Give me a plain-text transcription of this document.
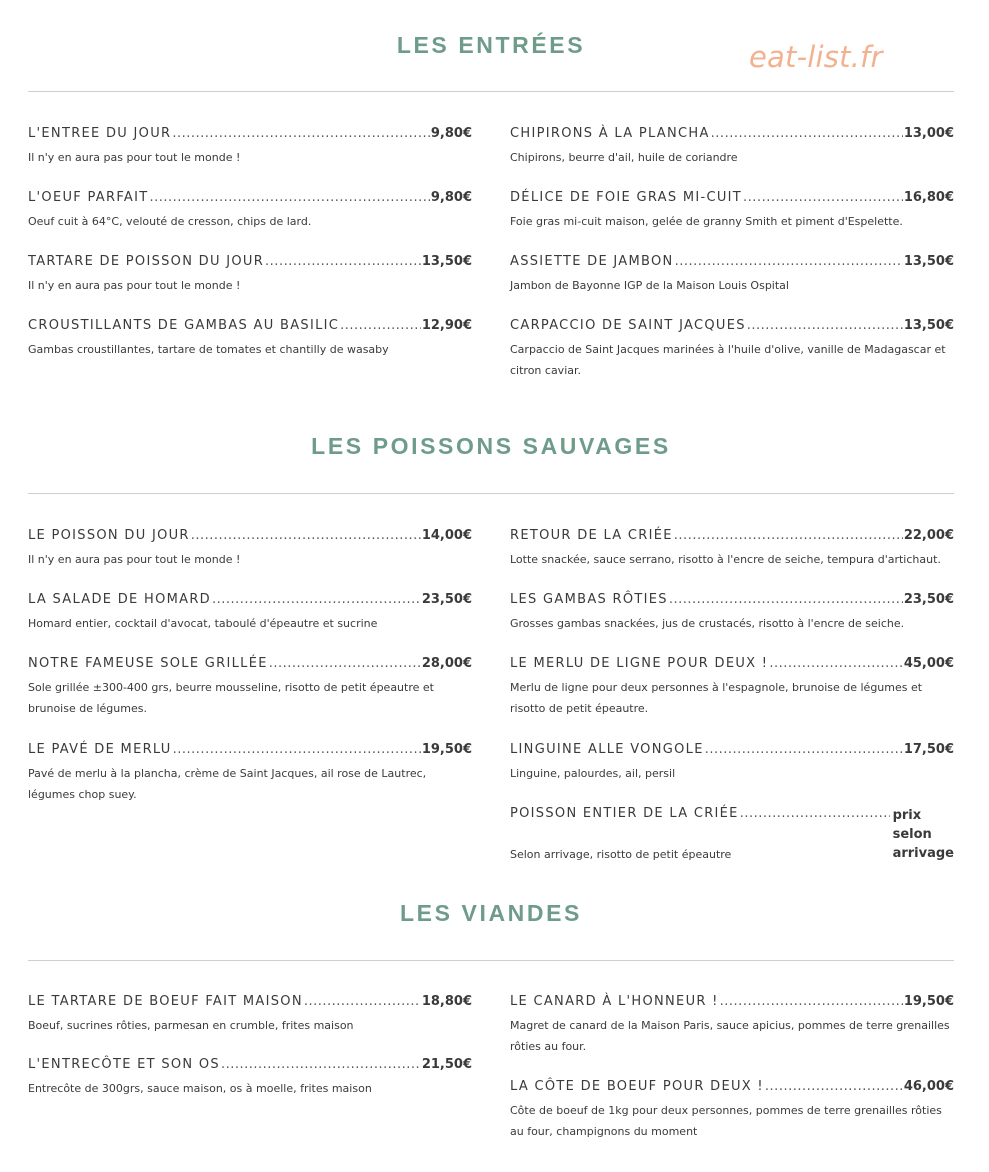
eat-list.fr
LES ENTRÉES
L'ENTREE DU JOUR .....	9,80€
Il n'y en aura pas pour tout le monde !
L'OEUF PARFAIT .....	9,80€
Oeuf cuit à 64°C, velouté de cresson, chips de lard.
TARTARE DE POISSON DU JOUR .....	13,50€
Il n'y en aura pas pour tout le monde !
CROUSTILLANTS DE GAMBAS AU BASILIC .....	12,90€
Gambas croustillantes, tartare de tomates et chantilly de wasaby
CHIPIRONS À LA PLANCHA .....	13,00€
Chipirons, beurre d'ail, huile de coriandre
DÉLICE DE FOIE GRAS MI-CUIT .....	16,80€
Foie gras mi-cuit maison, gelée de granny Smith et piment d'Espelette.
ASSIETTE DE JAMBON .....	13,50€
Jambon de Bayonne IGP de la Maison Louis Ospital
CARPACCIO DE SAINT JACQUES .....	13,50€
Carpaccio de Saint Jacques marinées à l'huile d'olive, vanille de Madagascar et citron caviar.
LES POISSONS SAUVAGES
LE POISSON DU JOUR .....	14,00€
Il n'y en aura pas pour tout le monde !
LA SALADE DE HOMARD .....	23,50€
Homard entier, cocktail d'avocat, taboulé d'épeautre et sucrine
NOTRE FAMEUSE SOLE GRILLÉE .....	28,00€
Sole grillée ±300-400 grs, beurre mousseline, risotto de petit épeautre et brunoise de légumes.
LE PAVÉ DE MERLU .....	19,50€
Pavé de merlu à la plancha, crème de Saint Jacques, ail rose de Lautrec, légumes chop suey.
RETOUR DE LA CRIÉE .....	22,00€
Lotte snackée, sauce serrano, risotto à l'encre de seiche, tempura d'artichaut.
LES GAMBAS RÔTIES .....	23,50€
Grosses gambas snackées, jus de crustacés, risotto à l'encre de seiche.
LE MERLU DE LIGNE POUR DEUX ! .....	45,00€
Merlu de ligne pour deux personnes à l'espagnole, brunoise de légumes et risotto de petit épeautre.
LINGUINE ALLE VONGOLE .....	17,50€
Linguine, palourdes, ail, persil
POISSON ENTIER DE LA CRIÉE .....	prix selon arrivage
Selon arrivage, risotto de petit épeautre
LES VIANDES
LE TARTARE DE BOEUF FAIT MAISON .....	18,80€
Boeuf, sucrines rôties, parmesan en crumble, frites maison
L'ENTRECÔTE ET SON OS .....	21,50€
Entrecôte de 300grs, sauce maison, os à moelle, frites maison
LE CANARD À L'HONNEUR ! .....	19,50€
Magret de canard de la Maison Paris, sauce apicius, pommes de terre grenailles rôties au four.
LA CÔTE DE BOEUF POUR DEUX ! .....	46,00€
Côte de boeuf de 1kg pour deux personnes, pommes de terre grenailles rôties au four, champignons du moment
